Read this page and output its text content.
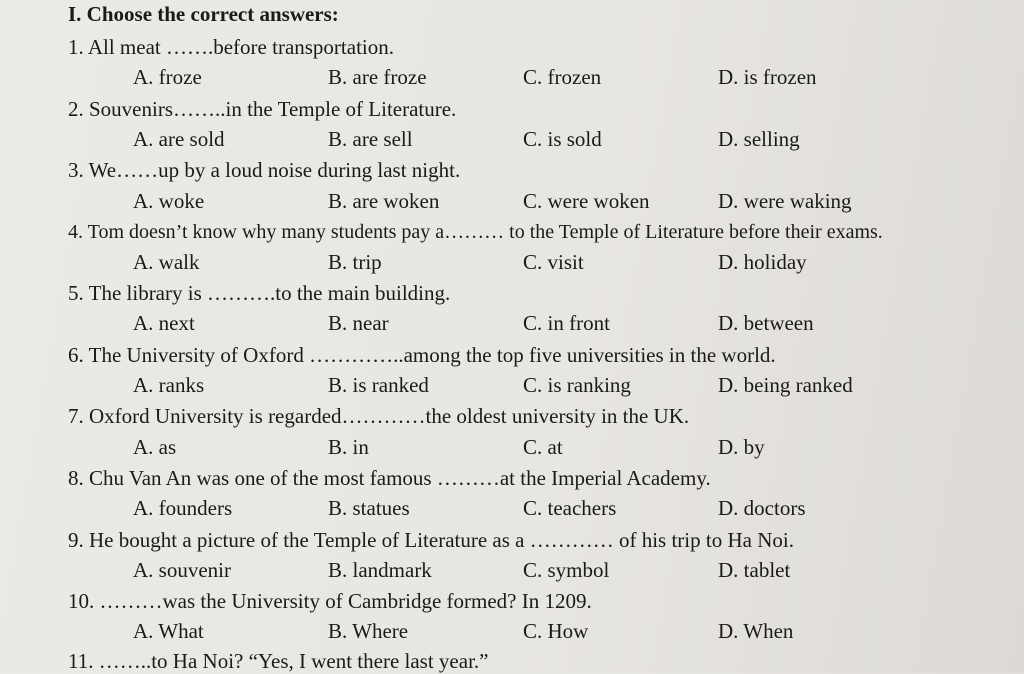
I. Choose the correct answers:
1. All meat …….before transportation.
A. froze	B. are froze	C. frozen	D. is frozen
2. Souvenirs……..in the Temple of Literature.
A. are sold	B. are sell	C. is sold	D. selling
3. We……up by a loud noise during last night.
A. woke	B. are woken	C. were woken	D. were waking
4. Tom doesn’t know why many students pay a……… to the Temple of Literature before their exams.
A. walk	B. trip	C. visit	D. holiday
5. The library is ……….to the main building.
A. next	B. near	C. in front	D. between
6. The University of Oxford …………..among the top five universities in the world.
A. ranks	B. is ranked	C. is ranking	D. being ranked
7. Oxford University is regarded…………the oldest university in the UK.
A. as	B. in	C. at	D. by
8. Chu Van An was one of the most famous ………at the Imperial Academy.
A. founders	B. statues	C. teachers	D. doctors
9. He bought a picture of the Temple of Literature as a ………… of his trip to Ha Noi.
A. souvenir	B. landmark	C. symbol	D. tablet
10. ………was the University of Cambridge formed? In 1209.
A. What	B. Where	C. How	D. When
11. ……..to Ha Noi? “Yes, I went there last year.”
